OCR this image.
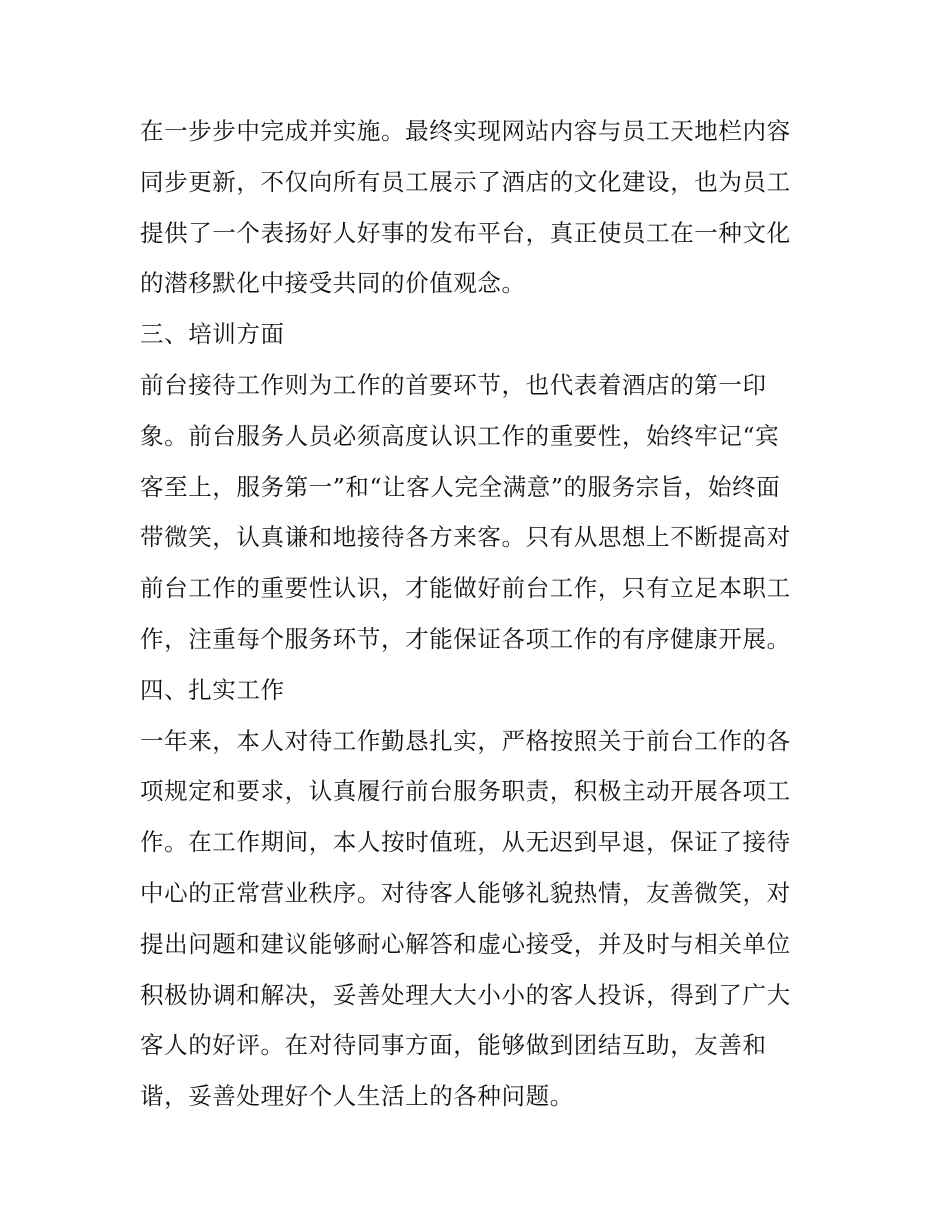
在一步步中完成并实施。最终实现网站内容与员工天地栏内容
同步更新，不仅向所有员工展示了酒店的文化建设，也为员工
提供了一个表扬好人好事的发布平台，真正使员工在一种文化
的潜移默化中接受共同的价值观念。
三、培训方面
前台接待工作则为工作的首要环节，也代表着酒店的第一印
象。前台服务人员必须高度认识工作的重要性，始终牢记“宾
客至上，服务第一”和“让客人完全满意”的服务宗旨，始终面
带微笑，认真谦和地接待各方来客。只有从思想上不断提高对
前台工作的重要性认识，才能做好前台工作，只有立足本职工
作，注重每个服务环节，才能保证各项工作的有序健康开展。
四、扎实工作
一年来，本人对待工作勤恳扎实，严格按照关于前台工作的各
项规定和要求，认真履行前台服务职责，积极主动开展各项工
作。在工作期间，本人按时值班，从无迟到早退，保证了接待
中心的正常营业秩序。对待客人能够礼貌热情，友善微笑，对
提出问题和建议能够耐心解答和虚心接受，并及时与相关单位
积极协调和解决，妥善处理大大小小的客人投诉，得到了广大
客人的好评。在对待同事方面，能够做到团结互助，友善和
谐，妥善处理好个人生活上的各种问题。
